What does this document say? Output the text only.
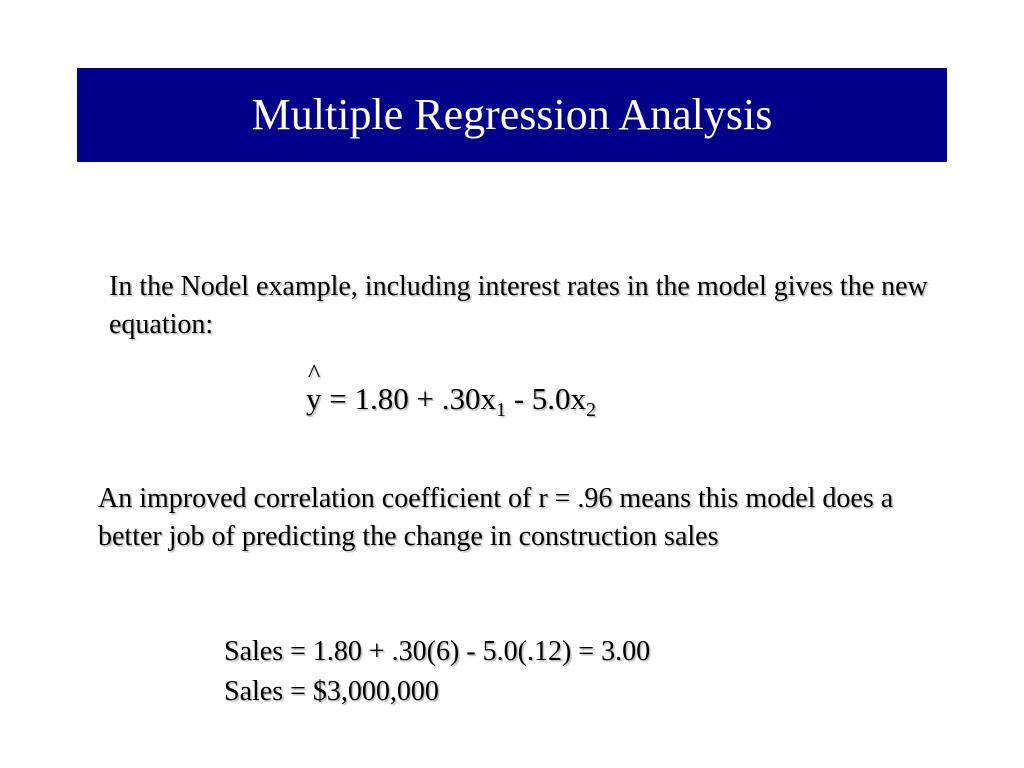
Multiple Regression Analysis

In the Nodel example, including interest rates in the model gives the new equation:

^
$y = 1.80 + .30x_1 - 5.0x_2$

An improved correlation coefficient of r = .96 means this model does a better job of predicting the change in construction sales

Sales = 1.80 + .30(6) - 5.0(.12) = 3.00
Sales = $3,000,000
